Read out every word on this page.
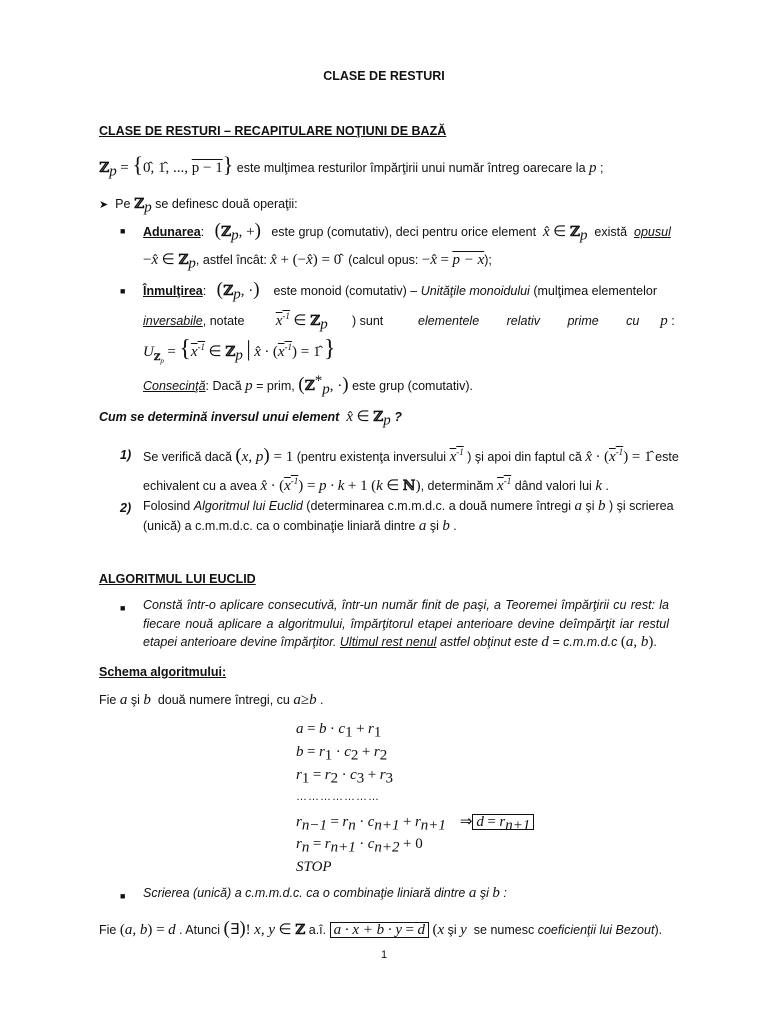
CLASE DE RESTURI
CLASE DE RESTURI – RECAPITULARE NOŢIUNI DE BAZĂ
ℤ$_p$ = {0̂, 1̂, ..., p − 1} este mulţimea resturilor împărţirii unui număr întreg oarecare la p ;
➤ Pe ℤ$_p$ se definesc două operaţii:
■ Adunarea:   (ℤ$_p$, +) este grup (comutativ), deci pentru orice element x̂ ∈ ℤ$_p$ există opusul
−x̂ ∈ ℤ$_p$, astfel încât: x̂ + (−x̂) = 0̂ (calcul opus: −x̂ = p − x);
■ Înmulţirea:   (ℤ$_p$, ·) este monoid (comutativ) – Unităţile monoidului (mulţimea elementelor
inversabile, notate $x^{-1}$ ∈ ℤ$_p$ ) sunt	elementele relativ prime cu p :
$U_{ℤ_p} = \{x^{-1}$ ∈ ℤ$_p$ | x̂ · $(x^{-1})$ = 1̂ }
Consecinţă: Dacă p = prim, (ℤ*$_p$, ·) este grup (comutativ).
Cum se determină inversul unui element x̂ ∈ ℤ$_p$ ?
1) Se verifică dacă (x, p) = 1 (pentru existenţa inversului $x^{-1}$ ) şi apoi din faptul că x̂ · $(x^{-1})$ = 1̂ este
echivalent cu a avea x̂ · $(x^{-1}) = p \cdot k + 1$ (k ∈ ℕ), determinăm $x^{-1}$ dând valori lui k .
2) Folosind Algoritmul lui Euclid (determinarea c.m.m.d.c. a două numere întregi a şi b ) şi scrierea
(unică) a c.m.m.d.c. ca o combinaţie liniară dintre a şi b .
ALGORITMUL LUI EUCLID
■ Constă într-o aplicare consecutivă, într-un număr finit de paşi, a Teoremei împărţirii cu rest: la
fiecare nouă aplicare a algoritmului, împărţitorul etapei anterioare devine deîmpărţit iar restul
etapei anterioare devine împărţitor. Ultimul rest nenul astfel obţinut este d = c.m.m.d.c (a, b).
Schema algoritmului:
Fie a şi b două numere întregi, cu a≥b .
$a = b \cdot c_1 + r_1$
$b = r_1 \cdot c_2 + r_2$
$r_1 = r_2 \cdot c_3 + r_3$
…………………
$r_{n-1} = r_n \cdot c_{n+1} + r_{n+1}$ ⇒ $d = r_{n+1}$
$r_n = r_{n+1} \cdot c_{n+2} + 0$
STOP
■ Scrierea (unică) a c.m.m.d.c. ca o combinaţie liniară dintre a şi b :
Fie (a, b) = d . Atunci (∃)! x, y ∈ ℤ a.î. a · x + b · y = d (x şi y se numesc coeficienţii lui Bezout).
1
